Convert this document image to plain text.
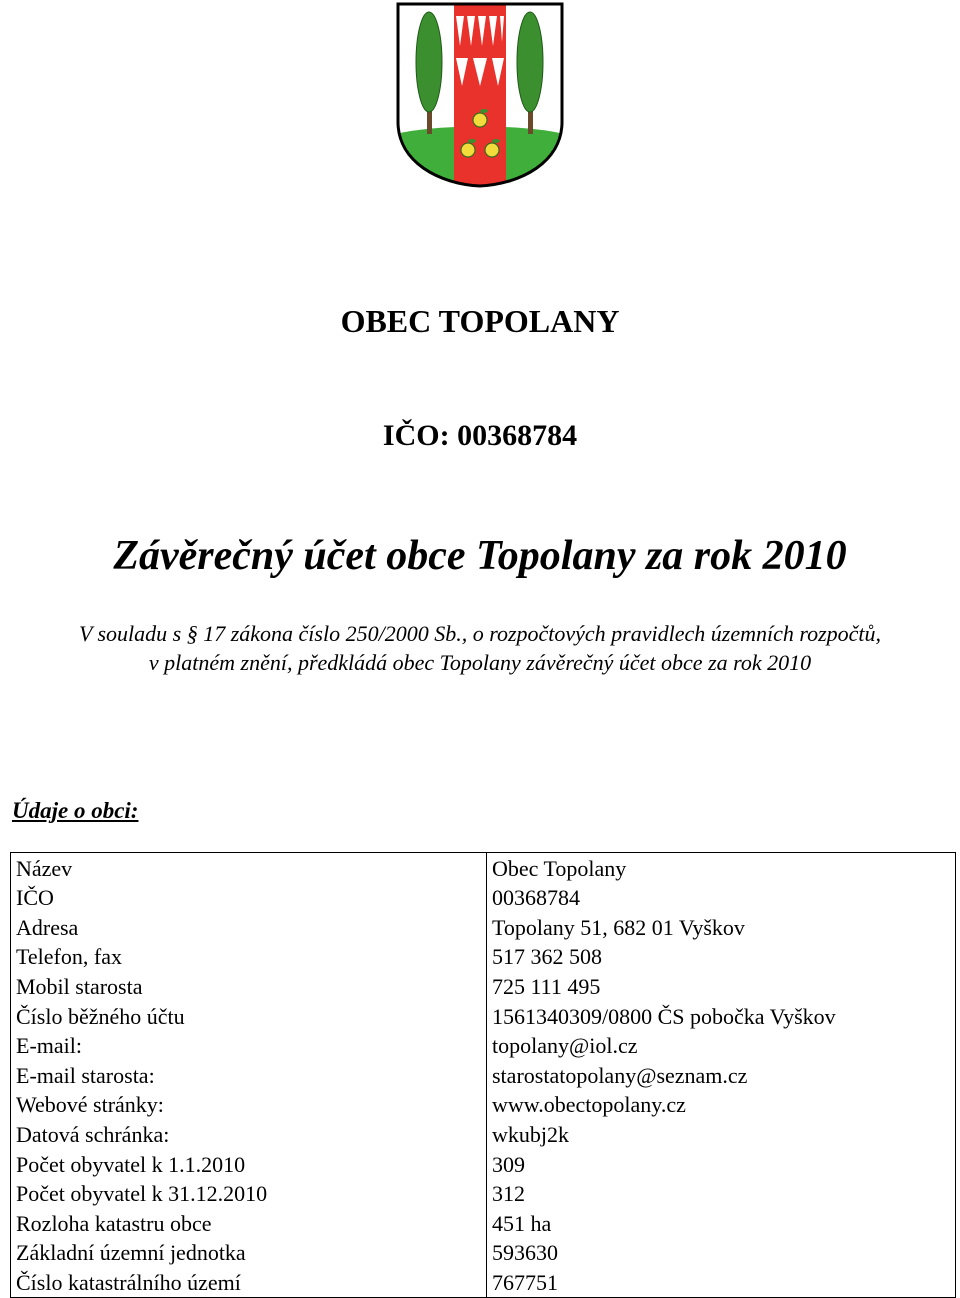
OBEC TOPOLANY
IČO: 00368784
Závěrečný účet obce Topolany za rok 2010
V souladu s § 17 zákona číslo 250/2000 Sb., o rozpočtových pravidlech územních rozpočtů,
v platném znění, předkládá obec Topolany závěrečný účet obce za rok 2010
Údaje o obci:
Název	Obec Topolany
IČO	00368784
Adresa	Topolany 51, 682 01 Vyškov
Telefon, fax	517 362 508
Mobil starosta	725 111 495
Číslo běžného účtu	1561340309/0800 ČS pobočka Vyškov
E-mail:	topolany@iol.cz
E-mail starosta:	starostatopolany@seznam.cz
Webové stránky:	www.obectopolany.cz
Datová schránka:	wkubj2k
Počet obyvatel k 1.1.2010	309
Počet obyvatel k 31.12.2010	312
Rozloha katastru obce	451 ha
Základní územní jednotka	593630
Číslo katastrálního území	767751
